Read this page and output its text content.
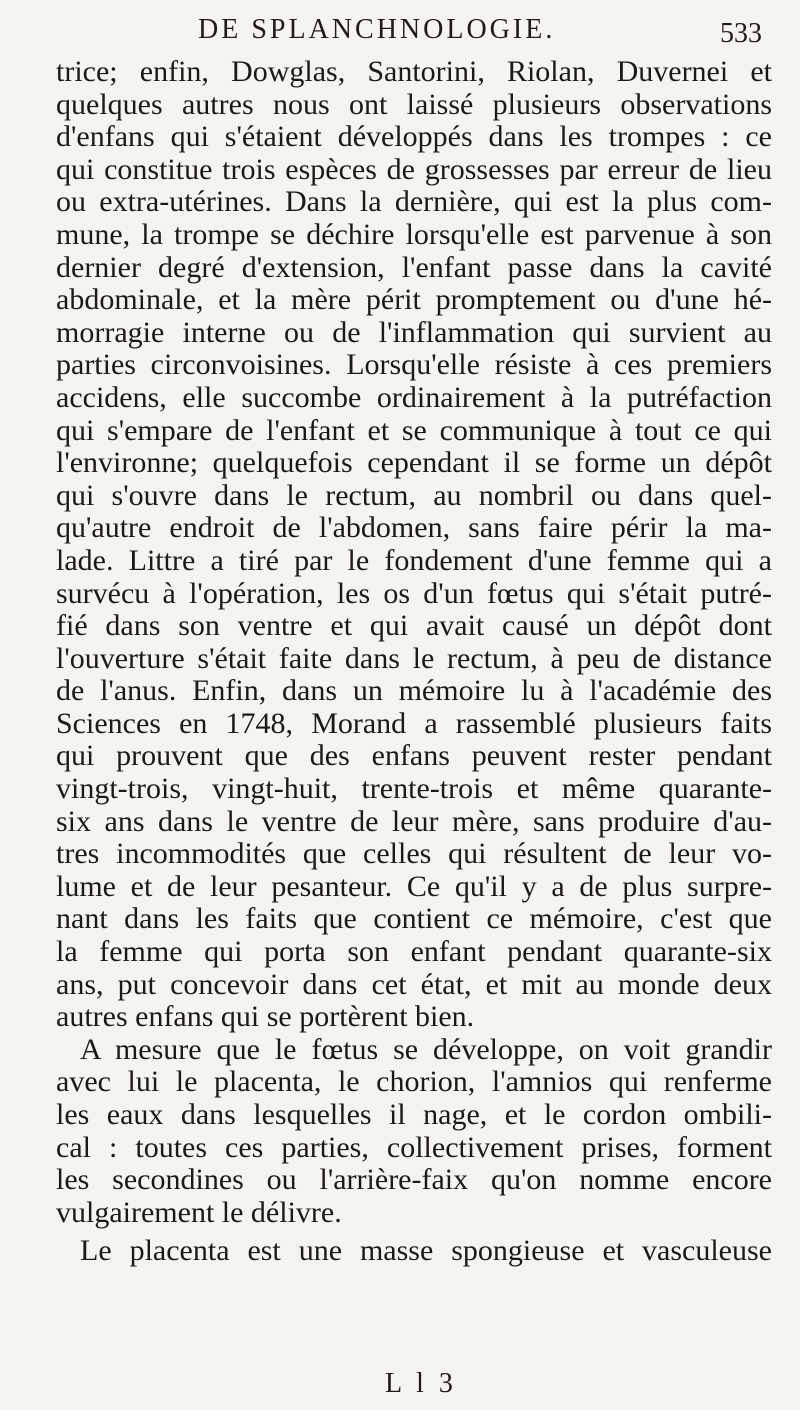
DE SPLANCHNOLOGIE.	533
trice; enfin, Dowglas, Santorini, Riolan, Duvernei et
quelques autres nous ont laissé plusieurs observations
d'enfans qui s'étaient développés dans les trompes : ce
qui constitue trois espèces de grossesses par erreur de lieu
ou extra-utérines. Dans la dernière, qui est la plus com-
mune, la trompe se déchire lorsqu'elle est parvenue à son
dernier degré d'extension, l'enfant passe dans la cavité
abdominale, et la mère périt promptement ou d'une hé-
morragie interne ou de l'inflammation qui survient au
parties circonvoisines. Lorsqu'elle résiste à ces premiers
accidens, elle succombe ordinairement à la putréfaction
qui s'empare de l'enfant et se communique à tout ce qui
l'environne; quelquefois cependant il se forme un dépôt
qui s'ouvre dans le rectum, au nombril ou dans quel-
qu'autre endroit de l'abdomen, sans faire périr la ma-
lade. Littre a tiré par le fondement d'une femme qui a
survécu à l'opération, les os d'un fœtus qui s'était putré-
fié dans son ventre et qui avait causé un dépôt dont
l'ouverture s'était faite dans le rectum, à peu de distance
de l'anus. Enfin, dans un mémoire lu à l'académie des
Sciences en 1748, Morand a rassemblé plusieurs faits
qui prouvent que des enfans peuvent rester pendant
vingt-trois, vingt-huit, trente-trois et même quarante-
six ans dans le ventre de leur mère, sans produire d'au-
tres incommodités que celles qui résultent de leur vo-
lume et de leur pesanteur. Ce qu'il y a de plus surpre-
nant dans les faits que contient ce mémoire, c'est que
la femme qui porta son enfant pendant quarante-six
ans, put concevoir dans cet état, et mit au monde deux
autres enfans qui se portèrent bien.
A mesure que le fœtus se développe, on voit grandir
avec lui le placenta, le chorion, l'amnios qui renferme
les eaux dans lesquelles il nage, et le cordon ombili-
cal : toutes ces parties, collectivement prises, forment
les secondines ou l'arrière-faix qu'on nomme encore
vulgairement le délivre.
Le placenta est une masse spongieuse et vasculeuse
L l 3
